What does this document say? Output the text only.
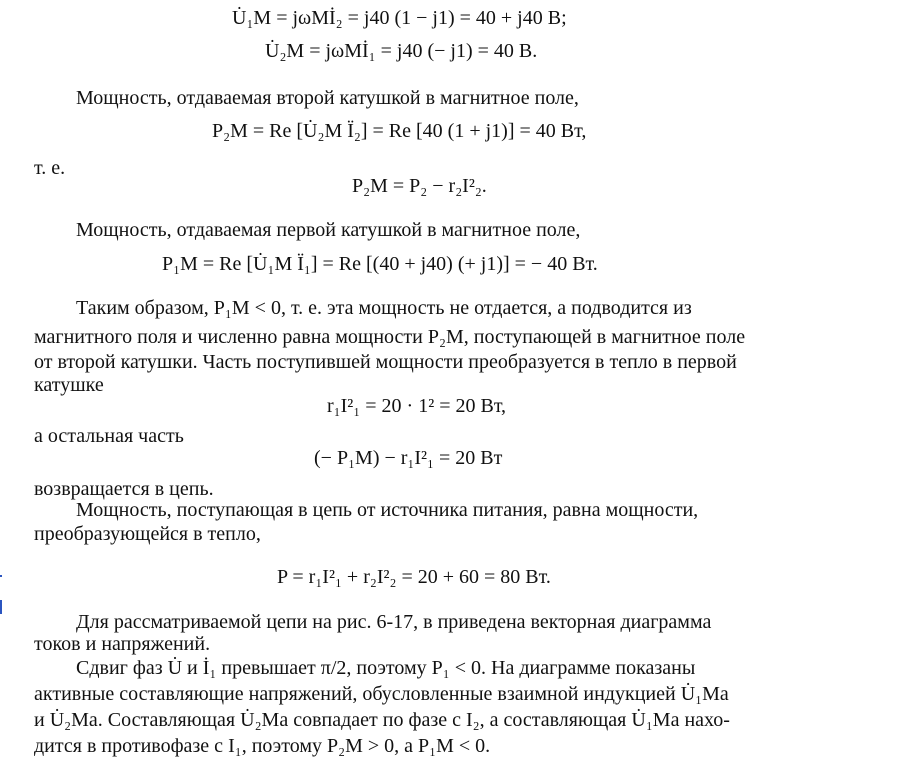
U̇₁M = jωMİ₂ = j40 (1 − j1) = 40 + j40 В;
U̇₂M = jωMİ₁ = j40 (− j1) = 40 В.
Мощность, отдаваемая второй катушкой в магнитное поле,
P₂M = Re [U̇₂M Ï₂] = Re [40 (1 + j1)] = 40 Вт,
т. е.
P₂M = P₂ − r₂I²₂.
Мощность, отдаваемая первой катушкой в магнитное поле,
P₁M = Re [U̇₁M Ï₁] = Re [(40 + j40) (+ j1)] = − 40 Вт.
Таким образом, P₁M < 0, т. е. эта мощность не отдается, а подводится из
магнитного поля и численно равна мощности P₂M, поступающей в магнитное поле
от второй катушки. Часть поступившей мощности преобразуется в тепло в первой
катушке
r₁I²₁ = 20 · 1² = 20 Вт,
а остальная часть
(− P₁M) − r₁I²₁ = 20 Вт
возвращается в цепь.
Мощность, поступающая в цепь от источника питания, равна мощности,
преобразующейся в тепло,
P = r₁I²₁ + r₂I²₂ = 20 + 60 = 80 Вт.
Для рассматриваемой цепи на рис. 6-17, в приведена векторная диаграмма
токов и напряжений.
Сдвиг фаз U̇ и İ₁ превышает π/2, поэтому P₁ < 0. На диаграмме показаны
активные составляющие напряжений, обусловленные взаимной индукцией U̇₁Mа
и U̇₂Mа. Составляющая U̇₂Mа совпадает по фазе с I₂, а составляющая U̇₁Mа нахо-
дится в противофазе с I₁, поэтому P₂M > 0, а P₁M < 0.
